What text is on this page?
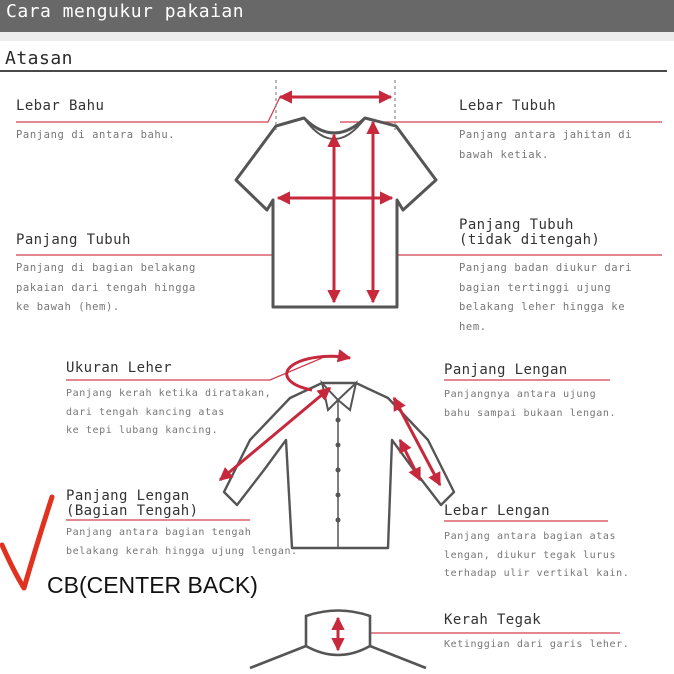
Cara mengukur pakaian
Atasan
Lebar Bahu
Panjang di antara bahu.
Lebar Tubuh
Panjang antara jahitan di
bawah ketiak.
Panjang Tubuh
Panjang di bagian belakang
pakaian dari tengah hingga
ke bawah (hem).
Panjang Tubuh
(tidak ditengah)
Panjang badan diukur dari
bagian tertinggi ujung
belakang leher hingga ke
hem.
Ukuran Leher
Panjang kerah ketika diratakan,
dari tengah kancing atas
ke tepi lubang kancing.
Panjang Lengan
Panjangnya antara ujung
bahu sampai bukaan lengan.
Panjang Lengan
(Bagian Tengah)
Panjang antara bagian tengah
belakang kerah hingga ujung lengan.
Lebar Lengan
Panjang antara bagian atas
lengan, diukur tegak lurus
terhadap ulir vertikal kain.
Kerah Tegak
Ketinggian dari garis leher.
CB(CENTER BACK)
